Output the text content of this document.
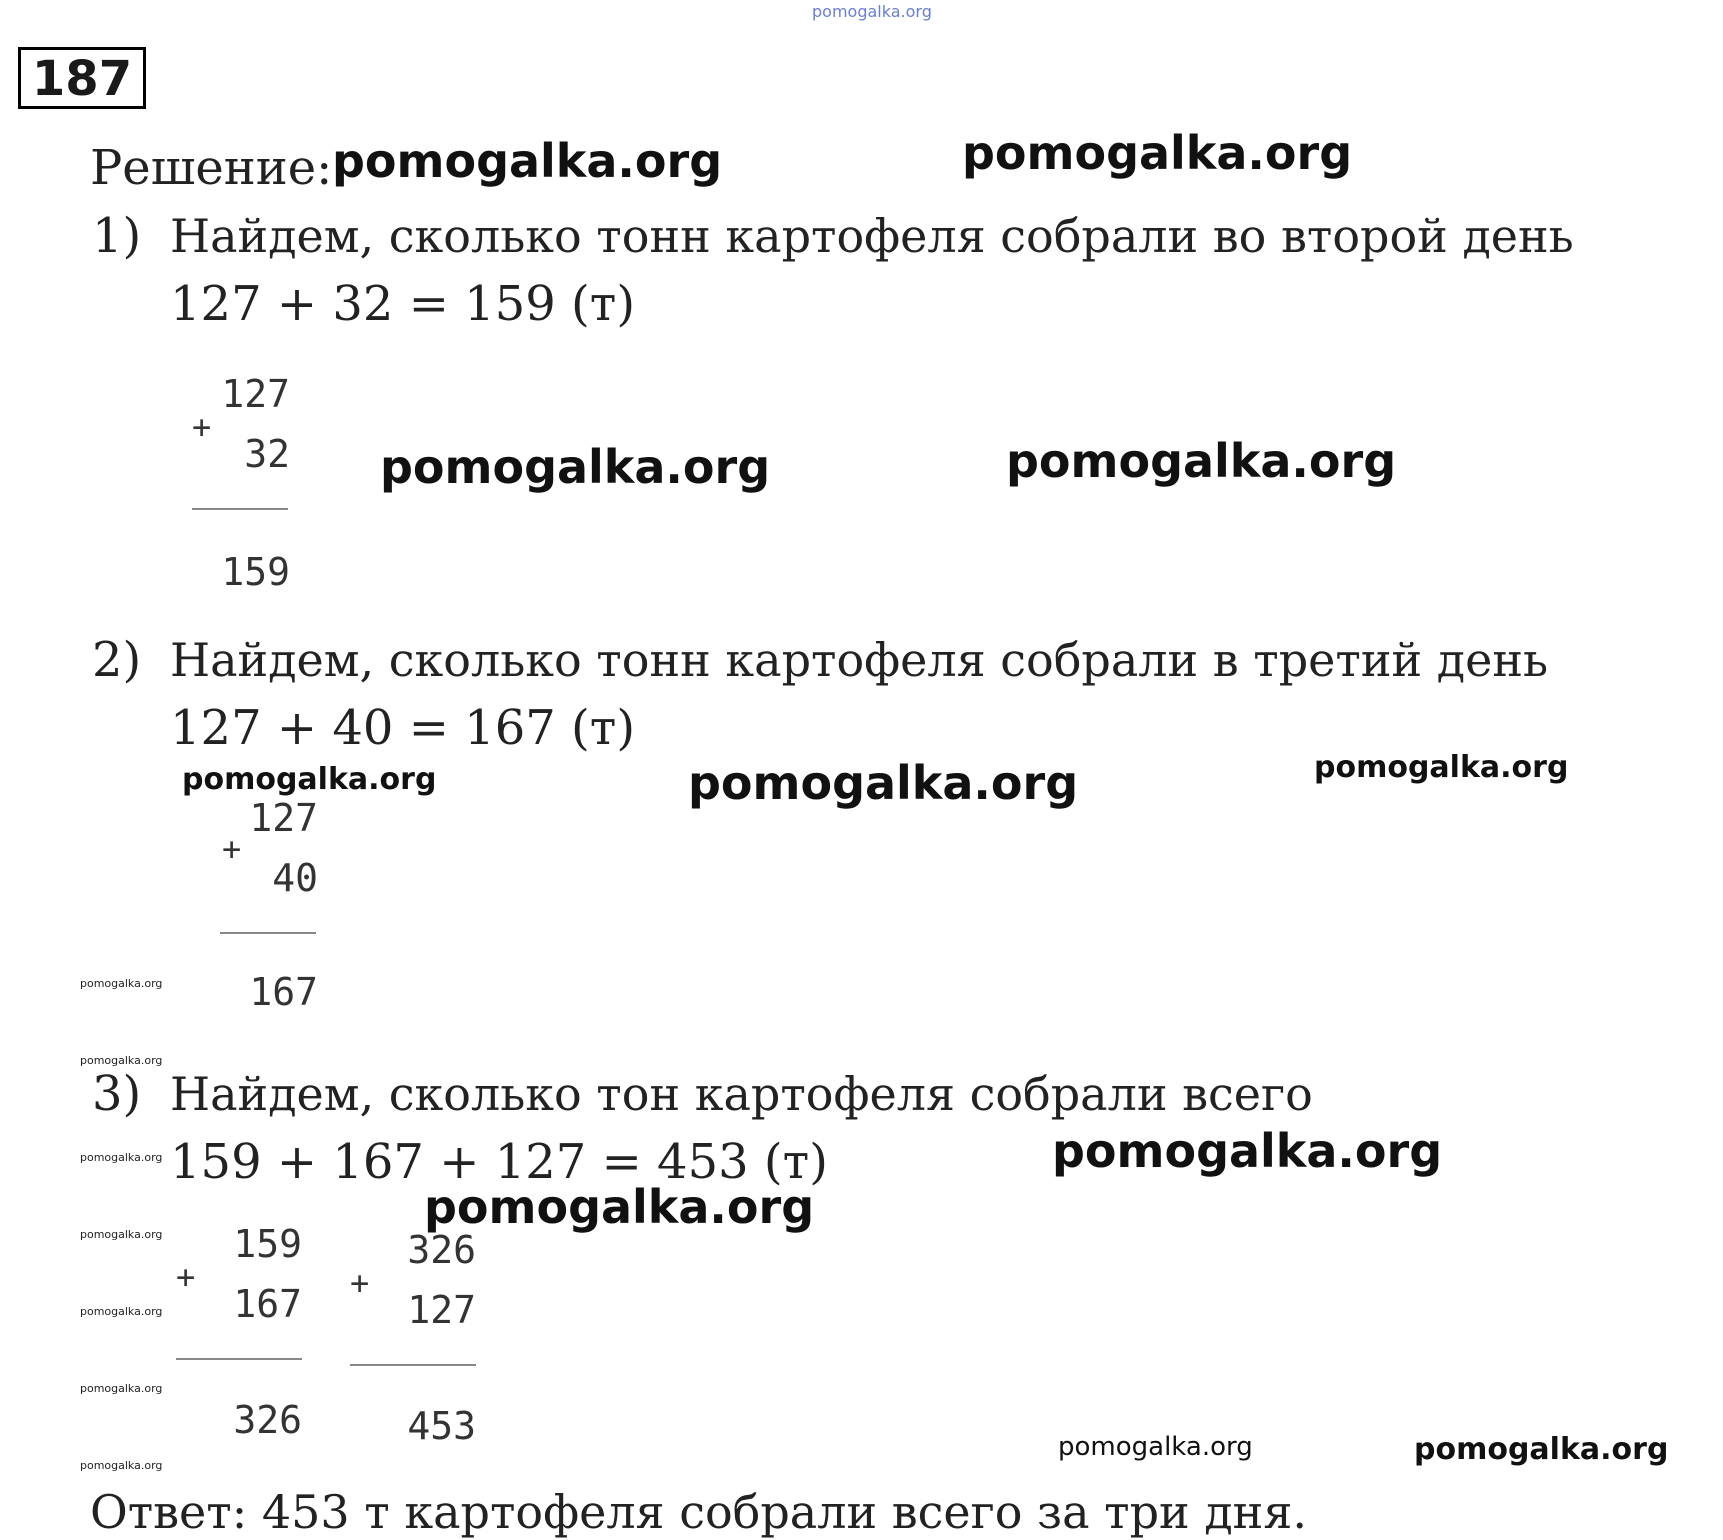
pomogalka.org
187
Решение: pomogalka.org	pomogalka.org
1) Найдем, сколько тонн картофеля собрали во второй день
127 + 32 = 159 (т)
127
+
32
159
pomogalka.org	pomogalka.org
2) Найдем, сколько тонн картофеля собрали в третий день
127 + 40 = 167 (т)
pomogalka.org	pomogalka.org	pomogalka.org
127
+
40
167
pomogalka.org
pomogalka.org
pomogalka.org
pomogalka.org
pomogalka.org
pomogalka.org
pomogalka.org
3) Найдем, сколько тон картофеля собрали всего
159 + 167 + 127 = 453 (т)	pomogalka.org
pomogalka.org
159
+
167
326
326
+
127
453	pomogalka.org	pomogalka.org
Ответ: 453 т картофеля собрали всего за три дня.
